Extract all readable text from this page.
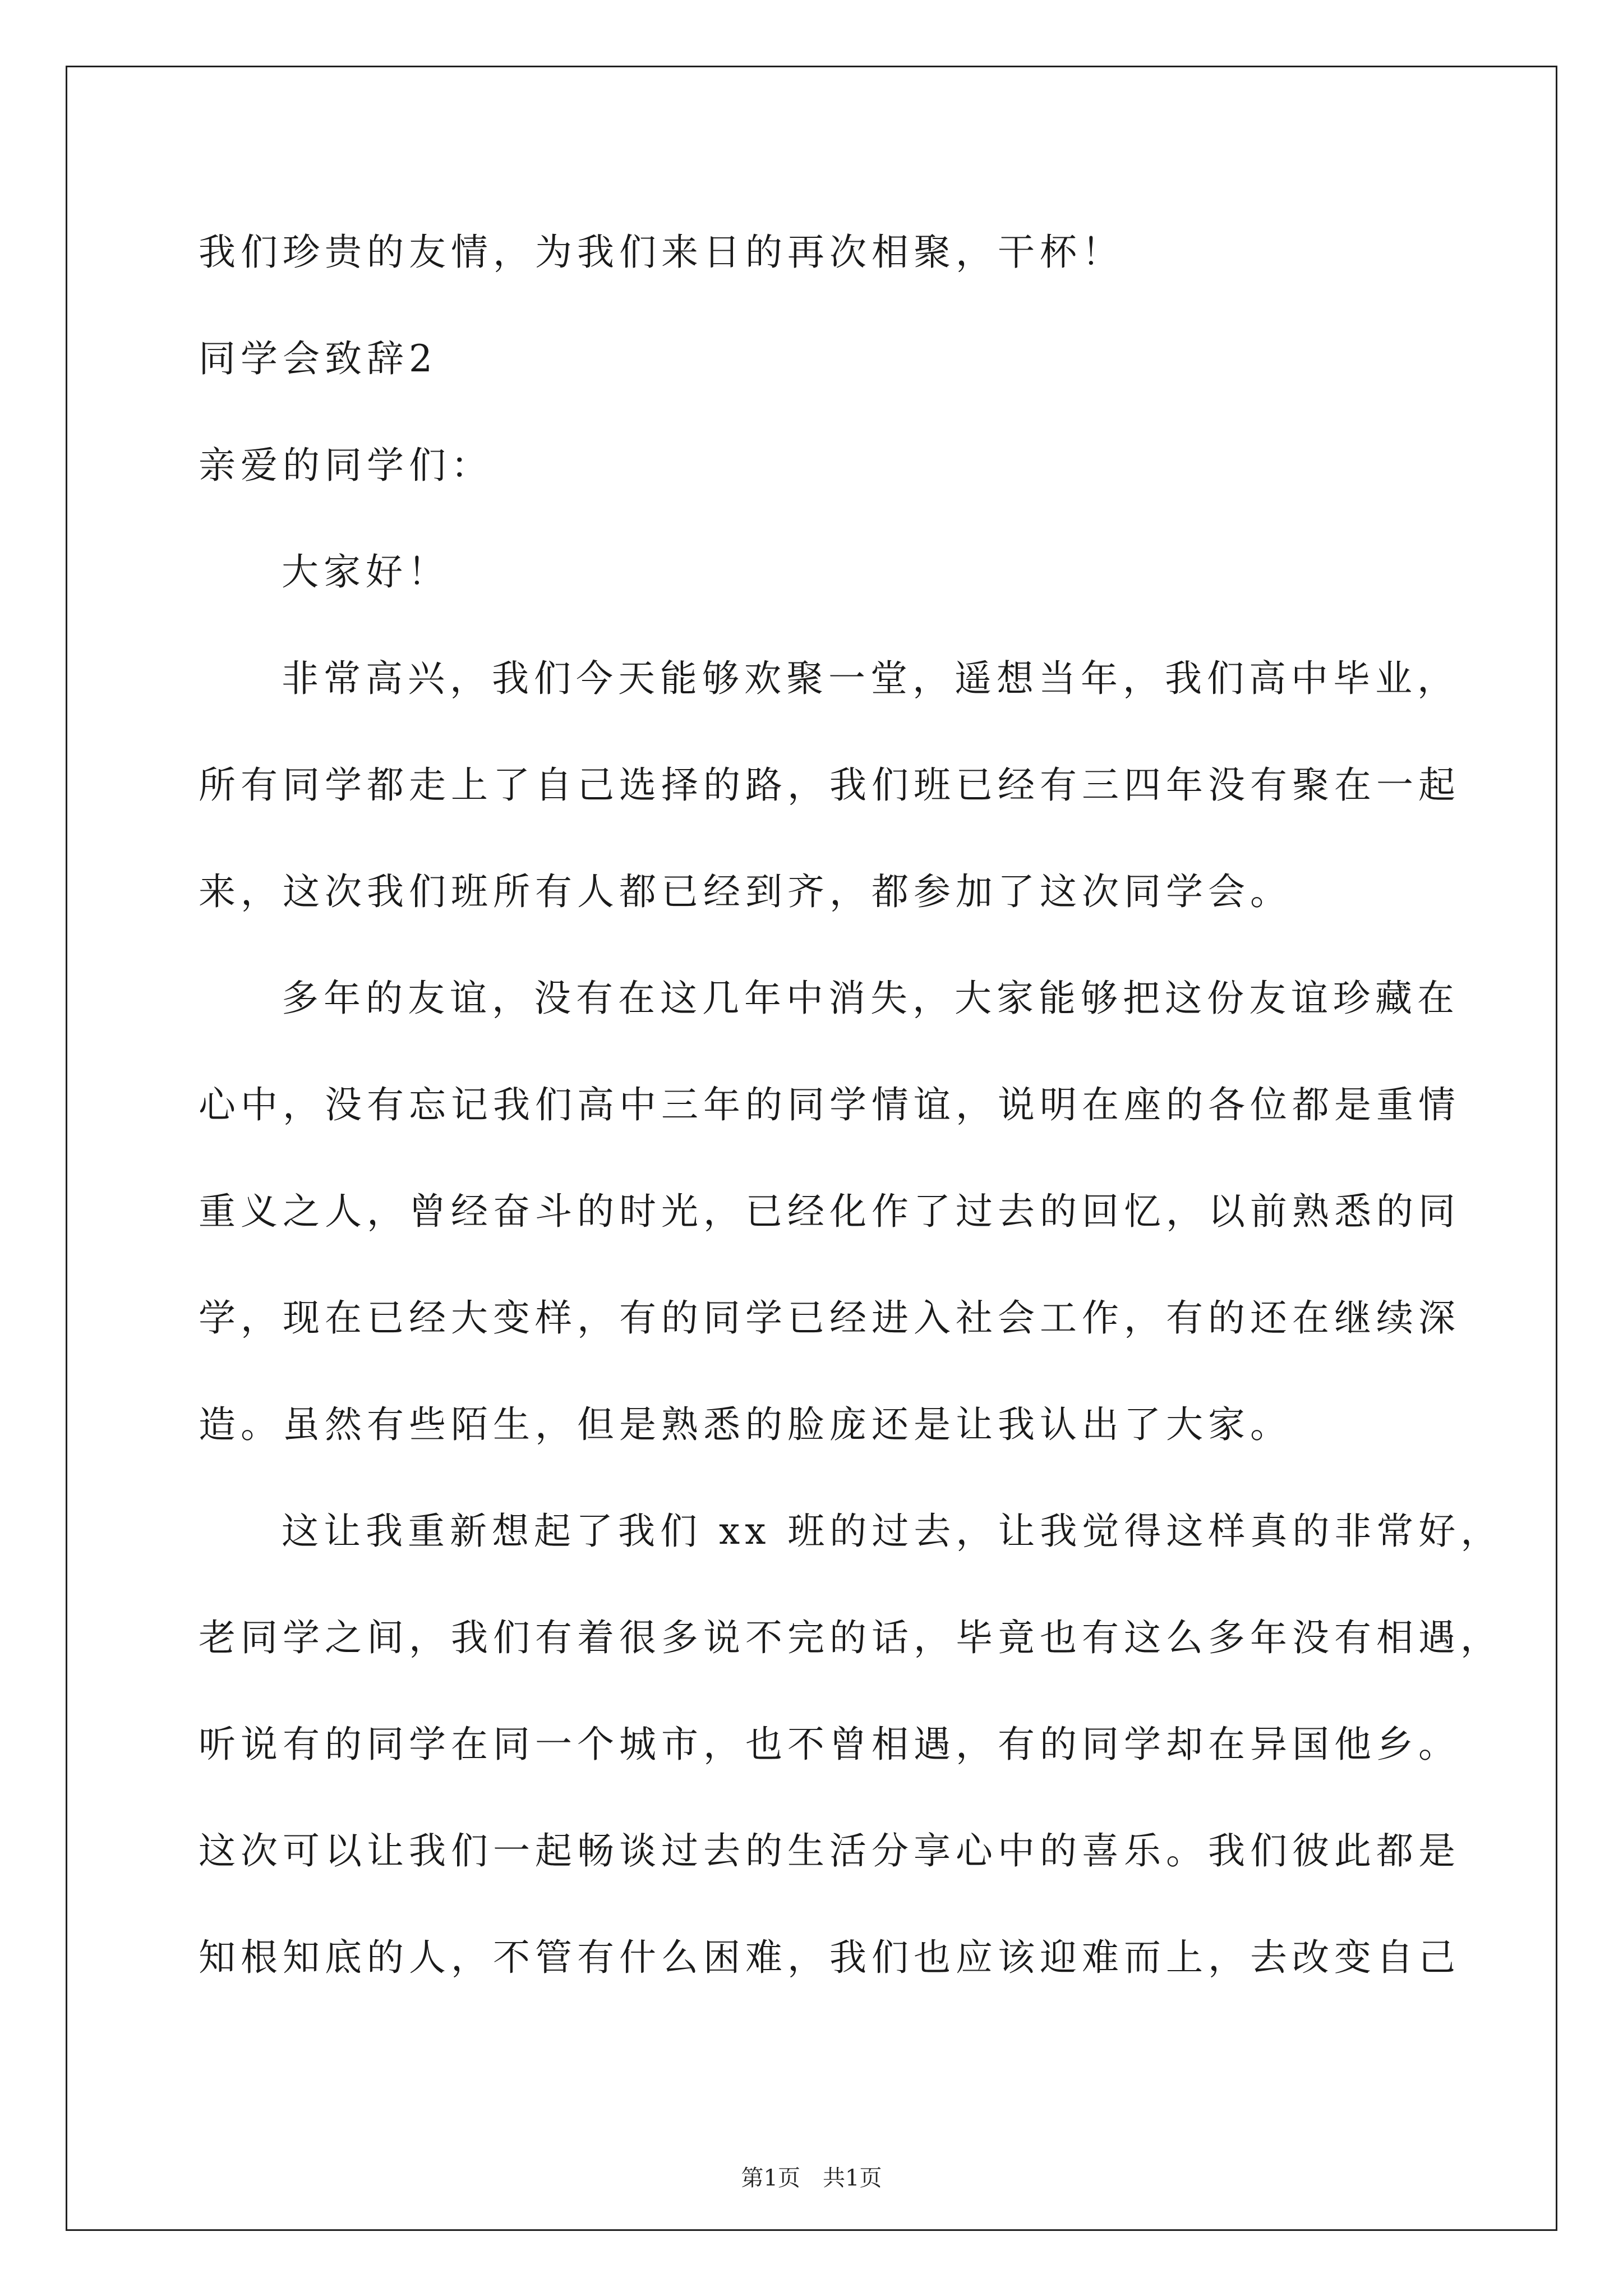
我们珍贵的友情，为我们来日的再次相聚，干杯！
同学会致辞2
亲爱的同学们：
大家好！
非常高兴，我们今天能够欢聚一堂，遥想当年，我们高中毕业，
所有同学都走上了自己选择的路，我们班已经有三四年没有聚在一起
来，这次我们班所有人都已经到齐，都参加了这次同学会。
多年的友谊，没有在这几年中消失，大家能够把这份友谊珍藏在
心中，没有忘记我们高中三年的同学情谊，说明在座的各位都是重情
重义之人，曾经奋斗的时光，已经化作了过去的回忆，以前熟悉的同
学，现在已经大变样，有的同学已经进入社会工作，有的还在继续深
造。虽然有些陌生，但是熟悉的脸庞还是让我认出了大家。
这让我重新想起了我们 xx 班的过去，让我觉得这样真的非常好，
老同学之间，我们有着很多说不完的话，毕竟也有这么多年没有相遇，
听说有的同学在同一个城市，也不曾相遇，有的同学却在异国他乡。
这次可以让我们一起畅谈过去的生活分享心中的喜乐。我们彼此都是
知根知底的人，不管有什么困难，我们也应该迎难而上，去改变自己
第1页 共1页
